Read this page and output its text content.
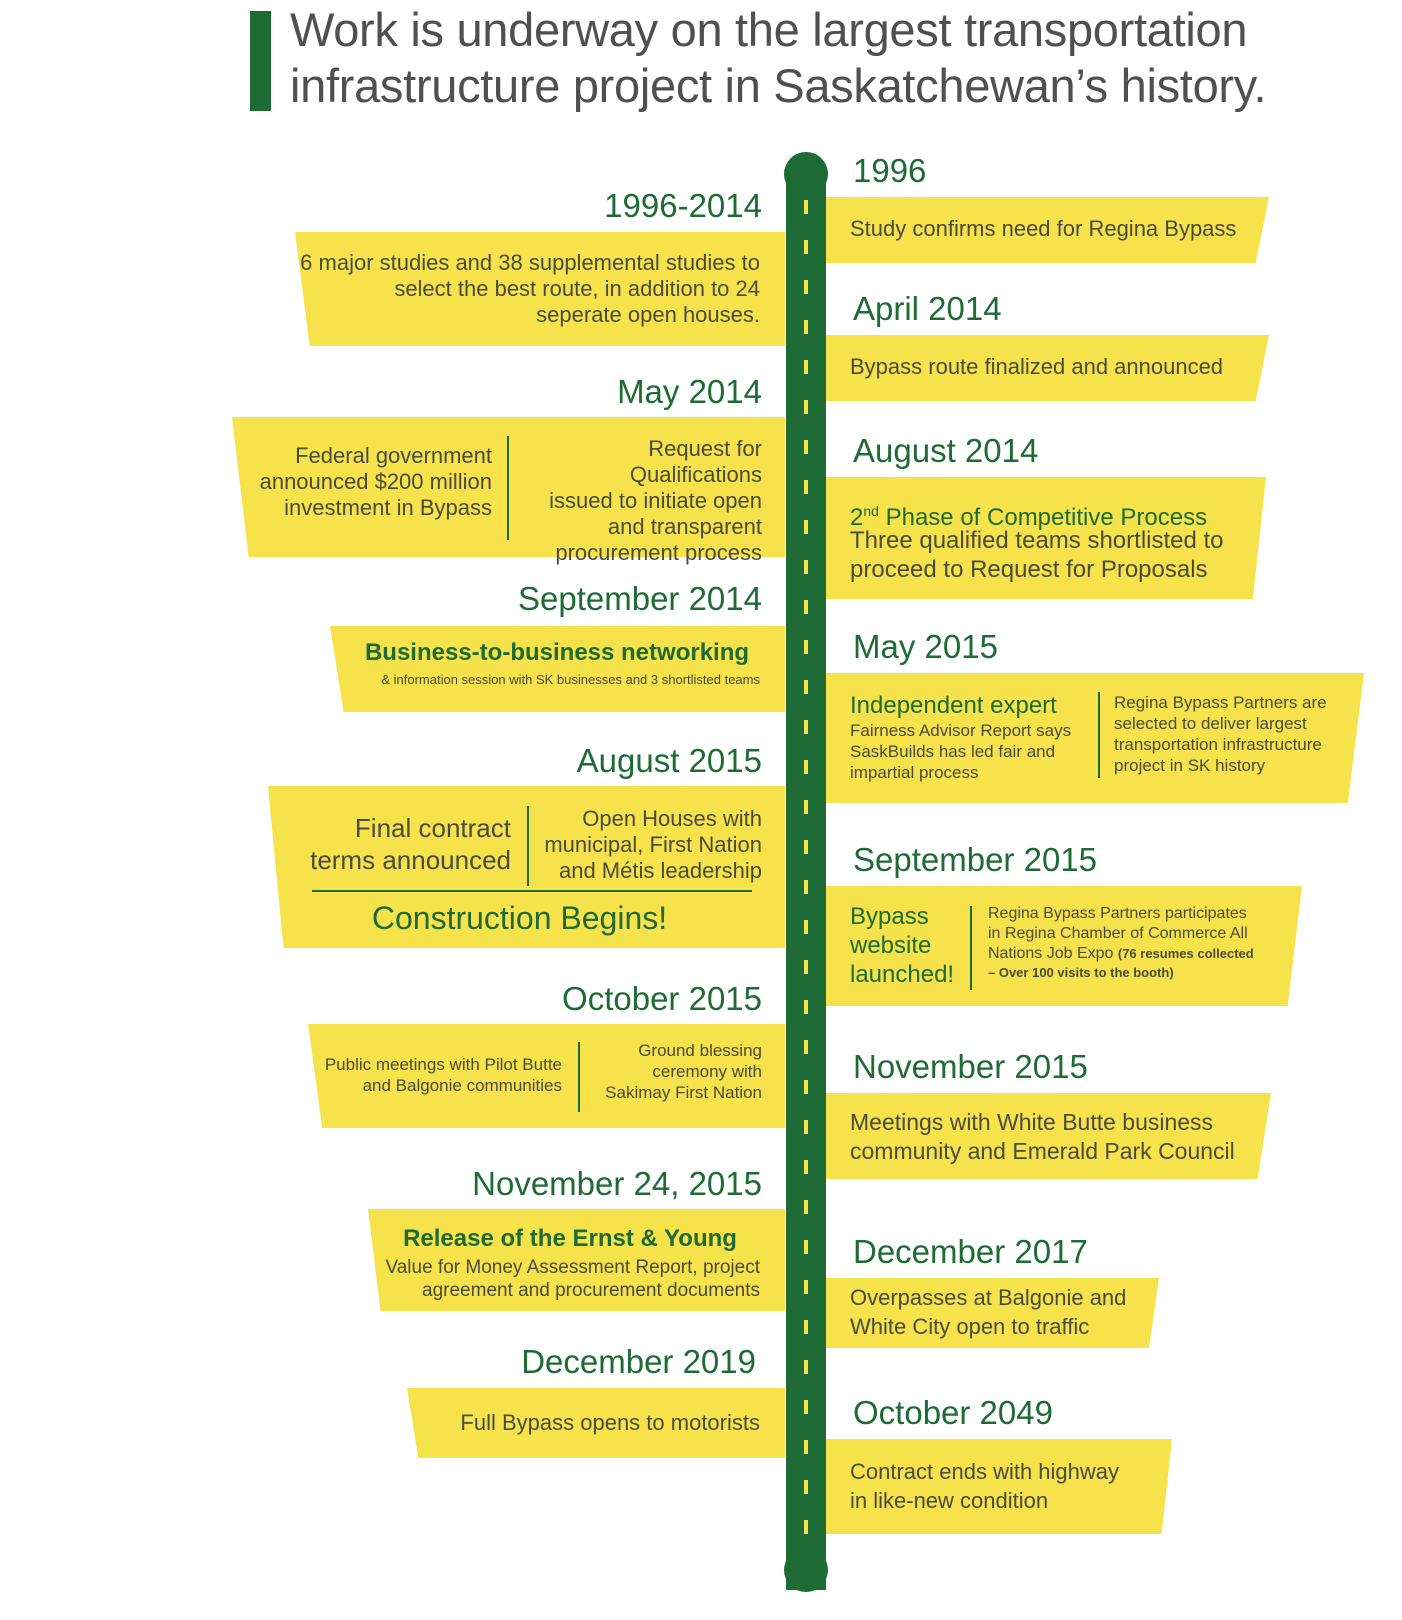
Work is underway on the largest transportation
infrastructure project in Saskatchewan’s history.
1996-2014
6 major studies and 38 supplemental studies to
select the best route, in addition to 24
seperate open houses.
May 2014
Federal government
announced $200 million
investment in Bypass
Request for Qualifications
issued to initiate open
and transparent
procurement process
September 2014
Business-to-business networking
& information session with SK businesses and 3 shortlisted teams
August 2015
Final contract
terms announced
Open Houses with
municipal, First Nation
and Métis leadership
Construction Begins!
October 2015
Public meetings with Pilot Butte
and Balgonie communities
Ground blessing
ceremony with
Sakimay First Nation
November 24, 2015
Release of the Ernst & Young
Value for Money Assessment Report, project
agreement and procurement documents
December 2019
Full Bypass opens to motorists
1996
Study confirms need for Regina Bypass
April 2014
Bypass route finalized and announced
August 2014
2nd Phase of Competitive Process
Three qualified teams shortlisted to
proceed to Request for Proposals
May 2015
Independent expert
Fairness Advisor Report says
SaskBuilds has led fair and
impartial process
Regina Bypass Partners are
selected to deliver largest
transportation infrastructure
project in SK history
September 2015
Bypass
website
launched!
Regina Bypass Partners participates
in Regina Chamber of Commerce All
Nations Job Expo (76 resumes collected
– Over 100 visits to the booth)
November 2015
Meetings with White Butte business
community and Emerald Park Council
December 2017
Overpasses at Balgonie and
White City open to traffic
October 2049
Contract ends with highway
in like-new condition
